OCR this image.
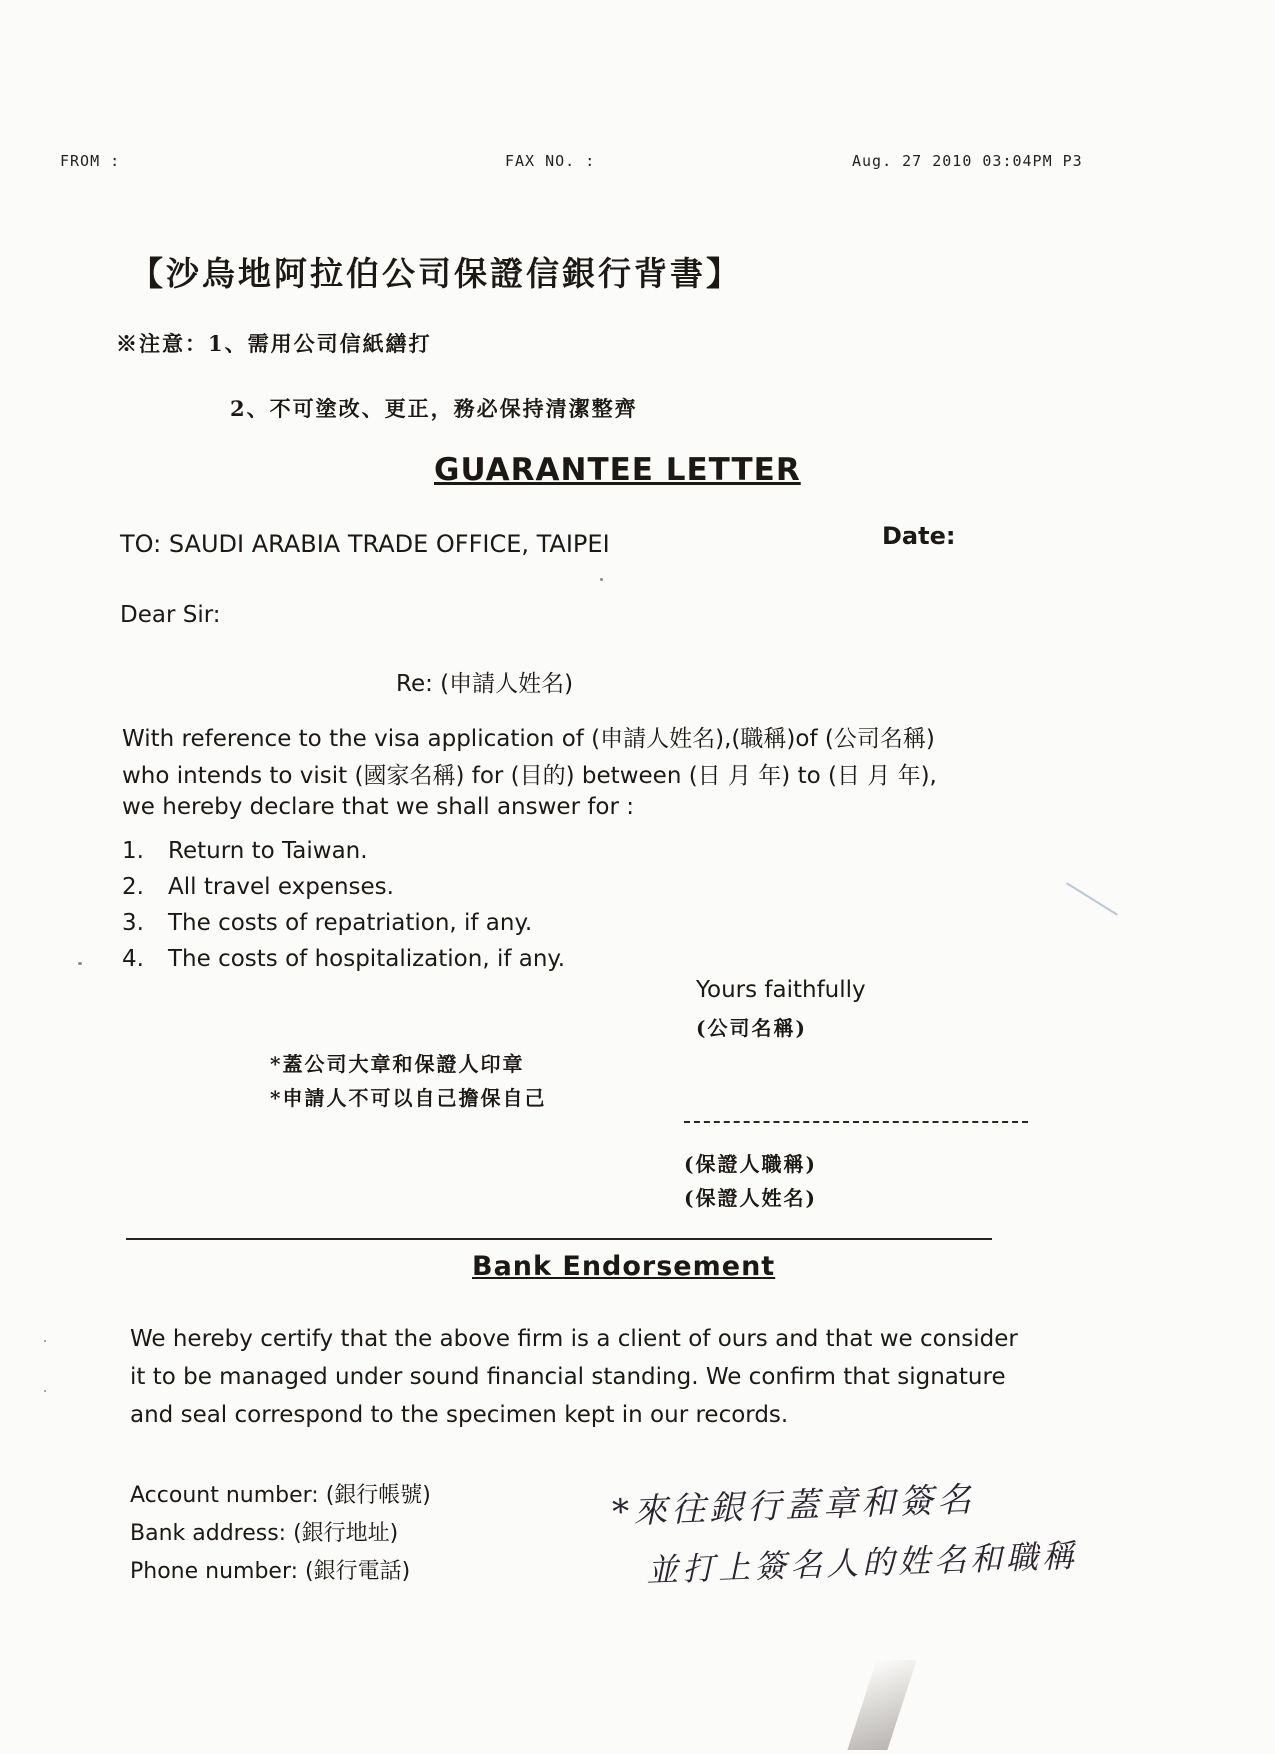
FROM :	FAX NO. :	Aug. 27 2010 03:04PM P3
【沙烏地阿拉伯公司保證信銀行背書】
※注意：1、需用公司信紙繕打
2、不可塗改、更正，務必保持清潔整齊
GUARANTEE LETTER
TO: SAUDI ARABIA TRADE OFFICE, TAIPEI	Date:
Dear Sir:
Re: (申請人姓名)
With reference to the visa application of (申請人姓名),(職稱)of (公司名稱)
who intends to visit (國家名稱) for (目的) between (日 月 年) to (日 月 年),
we hereby declare that we shall answer for :
1. Return to Taiwan.
2. All travel expenses.
3. The costs of repatriation, if any.
4. The costs of hospitalization, if any.
Yours faithfully
(公司名稱)
*蓋公司大章和保證人印章
*申請人不可以自己擔保自己
(保證人職稱)
(保證人姓名)
Bank Endorsement
We hereby certify that the above firm is a client of ours and that we consider
it to be managed under sound financial standing. We confirm that signature
and seal correspond to the specimen kept in our records.
Account number: (銀行帳號)
Bank address: (銀行地址)
Phone number: (銀行電話)
*來往銀行蓋章和簽名
並打上簽名人的姓名和職稱
